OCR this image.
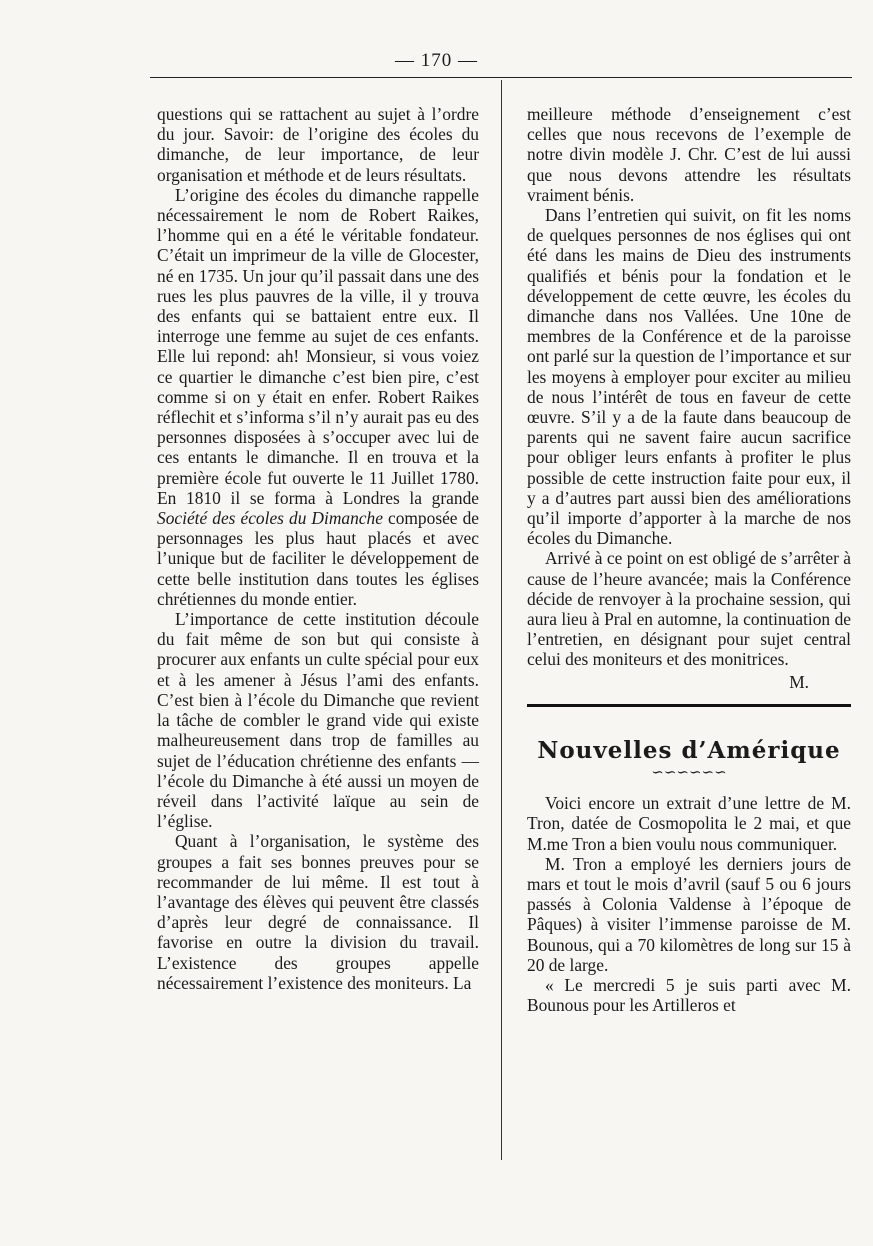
— 170 —

questions qui se rattachent au sujet à l’ordre du jour. Savoir: de l’origine des écoles du dimanche, de leur importance, de leur organisation et méthode et de leurs résultats.

L’origine des écoles du dimanche rappelle nécessairement le nom de Robert Raikes, l’homme qui en a été le véritable fondateur. C’était un imprimeur de la ville de Glocester, né en 1735. Un jour qu’il passait dans une des rues les plus pauvres de la ville, il y trouva des enfants qui se battaient entre eux. Il interroge une femme au sujet de ces enfants. Elle lui repond: ah! Monsieur, si vous voiez ce quartier le dimanche c’est bien pire, c’est comme si on y était en enfer. Robert Raikes réflechit et s’informa s’il n’y aurait pas eu des personnes disposées à s’occuper avec lui de ces entants le dimanche. Il en trouva et la première école fut ouverte le 11 Juillet 1780. En 1810 il se forma à Londres la grande Société des écoles du Dimanche composée de personnages les plus haut placés et avec l’unique but de faciliter le développement de cette belle institution dans toutes les églises chrétiennes du monde entier.

L’importance de cette institution découle du fait même de son but qui consiste à procurer aux enfants un culte spécial pour eux et à les amener à Jésus l’ami des enfants. C’est bien à l’école du Dimanche que revient la tâche de combler le grand vide qui existe malheureusement dans trop de familles au sujet de l’éducation chrétienne des enfants — l’école du Dimanche à été aussi un moyen de réveil dans l’activité laïque au sein de l’église.

Quant à l’organisation, le système des groupes a fait ses bonnes preuves pour se recommander de lui même. Il est tout à l’avantage des élèves qui peuvent être classés d’après leur degré de connaissance. Il favorise en outre la division du travail. L’existence des groupes appelle nécessairement l’existence des moniteurs. La

meilleure méthode d’enseignement c’est celles que nous recevons de l’exemple de notre divin modèle J. Chr. C’est de lui aussi que nous devons attendre les résultats vraiment bénis.

Dans l’entretien qui suivit, on fit les noms de quelques personnes de nos églises qui ont été dans les mains de Dieu des instruments qualifiés et bénis pour la fondation et le développement de cette œuvre, les écoles du dimanche dans nos Vallées. Une 10ne de membres de la Conférence et de la paroisse ont parlé sur la question de l’importance et sur les moyens à employer pour exciter au milieu de nous l’intérêt de tous en faveur de cette œuvre. S’il y a de la faute dans beaucoup de parents qui ne savent faire aucun sacrifice pour obliger leurs enfants à profiter le plus possible de cette instruction faite pour eux, il y a d’autres part aussi bien des améliorations qu’il importe d’apporter à la marche de nos écoles du Dimanche.

Arrivé à ce point on est obligé de s’arrêter à cause de l’heure avancée; mais la Conférence décide de renvoyer à la prochaine session, qui aura lieu à Pral en automne, la continuation de l’entretien, en désignant pour sujet central celui des moniteurs et des monitrices.

M.

Nouvelles d’Amérique
∽∽∽∽∽∽

Voici encore un extrait d’une lettre de M. Tron, datée de Cosmopolita le 2 mai, et que M.me Tron a bien voulu nous communiquer.

M. Tron a employé les derniers jours de mars et tout le mois d’avril (sauf 5 ou 6 jours passés à Colonia Valdense à l’époque de Pâques) à visiter l’immense paroisse de M. Bounous, qui a 70 kilomètres de long sur 15 à 20 de large.

« Le mercredi 5 je suis parti avec M. Bounous pour les Artilleros et
